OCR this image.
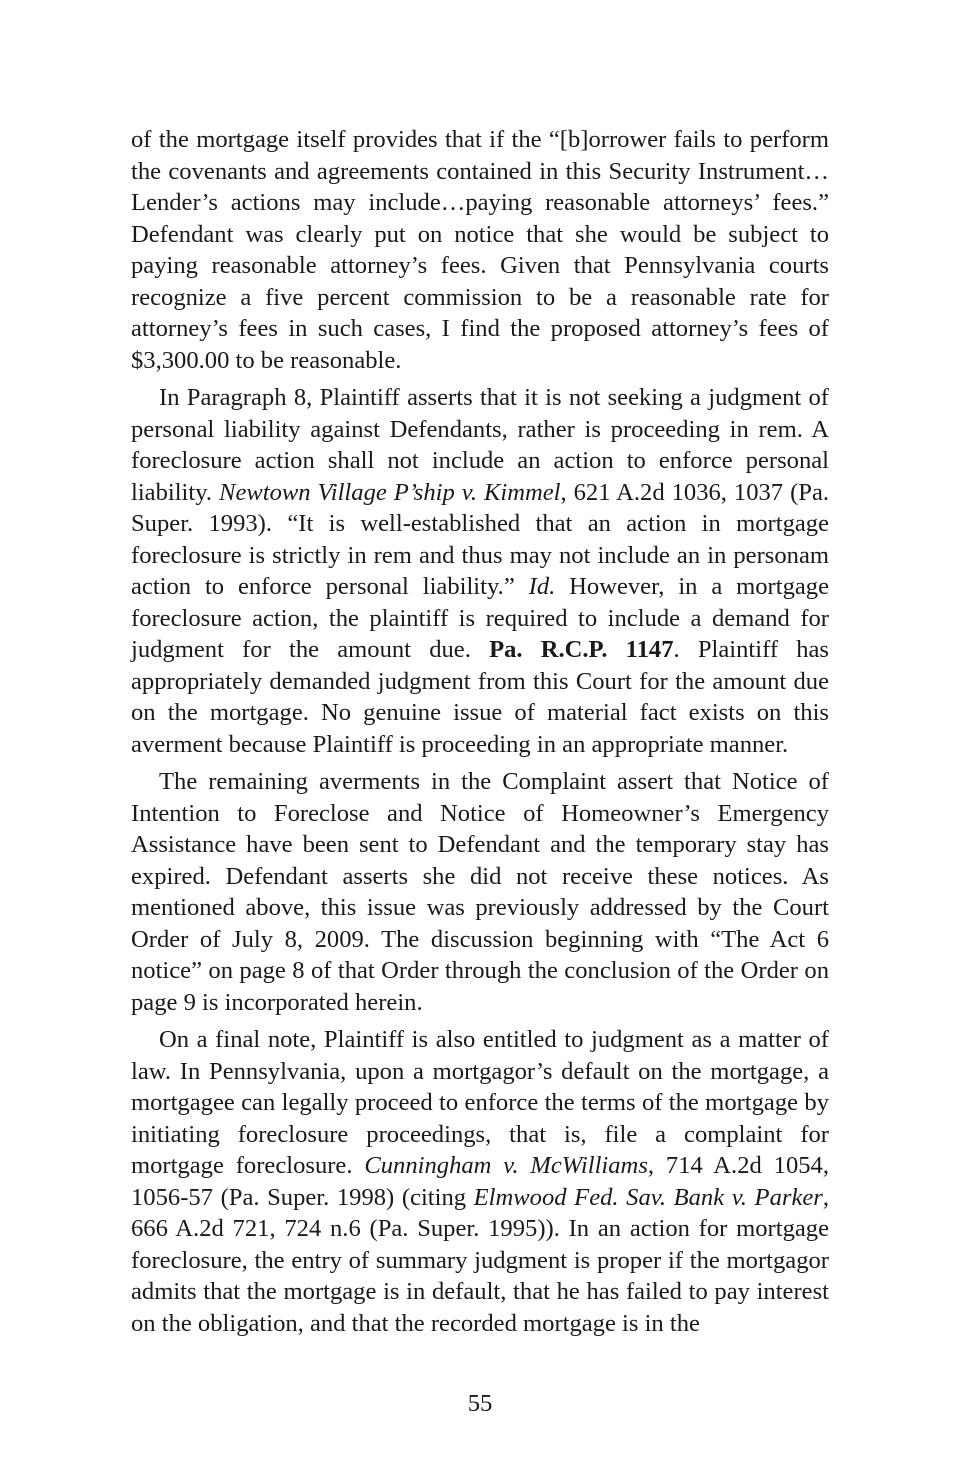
of the mortgage itself provides that if the “[b]orrower fails to perform the covenants and agreements contained in this Security Instrument…Lender’s actions may include…paying reasonable attorneys’ fees.” Defendant was clearly put on notice that she would be subject to paying reasonable attorney’s fees. Given that Pennsylvania courts recognize a five percent commission to be a reasonable rate for attorney’s fees in such cases, I find the proposed attorney’s fees of $3,300.00 to be reasonable.

In Paragraph 8, Plaintiff asserts that it is not seeking a judgment of personal liability against Defendants, rather is proceeding in rem. A foreclosure action shall not include an action to enforce personal liability. Newtown Village P’ship v. Kimmel, 621 A.2d 1036, 1037 (Pa. Super. 1993). “It is well-established that an action in mortgage foreclosure is strictly in rem and thus may not include an in personam action to enforce personal liability.” Id. However, in a mortgage foreclosure action, the plaintiff is required to include a demand for judgment for the amount due. Pa. R.C.P. 1147. Plaintiff has appropriately demanded judgment from this Court for the amount due on the mortgage. No genuine issue of material fact exists on this averment because Plaintiff is proceeding in an appropriate manner.

The remaining averments in the Complaint assert that Notice of Intention to Foreclose and Notice of Homeowner’s Emergency Assistance have been sent to Defendant and the temporary stay has expired. Defendant asserts she did not receive these notices. As mentioned above, this issue was previously addressed by the Court Order of July 8, 2009. The discussion beginning with “The Act 6 notice” on page 8 of that Order through the conclusion of the Order on page 9 is incorporated herein.

On a final note, Plaintiff is also entitled to judgment as a matter of law. In Pennsylvania, upon a mortgagor’s default on the mortgage, a mortgagee can legally proceed to enforce the terms of the mortgage by initiating foreclosure proceedings, that is, file a complaint for mortgage foreclosure. Cunningham v. McWilliams, 714 A.2d 1054, 1056-57 (Pa. Super. 1998) (citing Elmwood Fed. Sav. Bank v. Parker, 666 A.2d 721, 724 n.6 (Pa. Super. 1995)). In an action for mortgage foreclosure, the entry of summary judgment is proper if the mortgagor admits that the mortgage is in default, that he has failed to pay interest on the obligation, and that the recorded mortgage is in the

55
